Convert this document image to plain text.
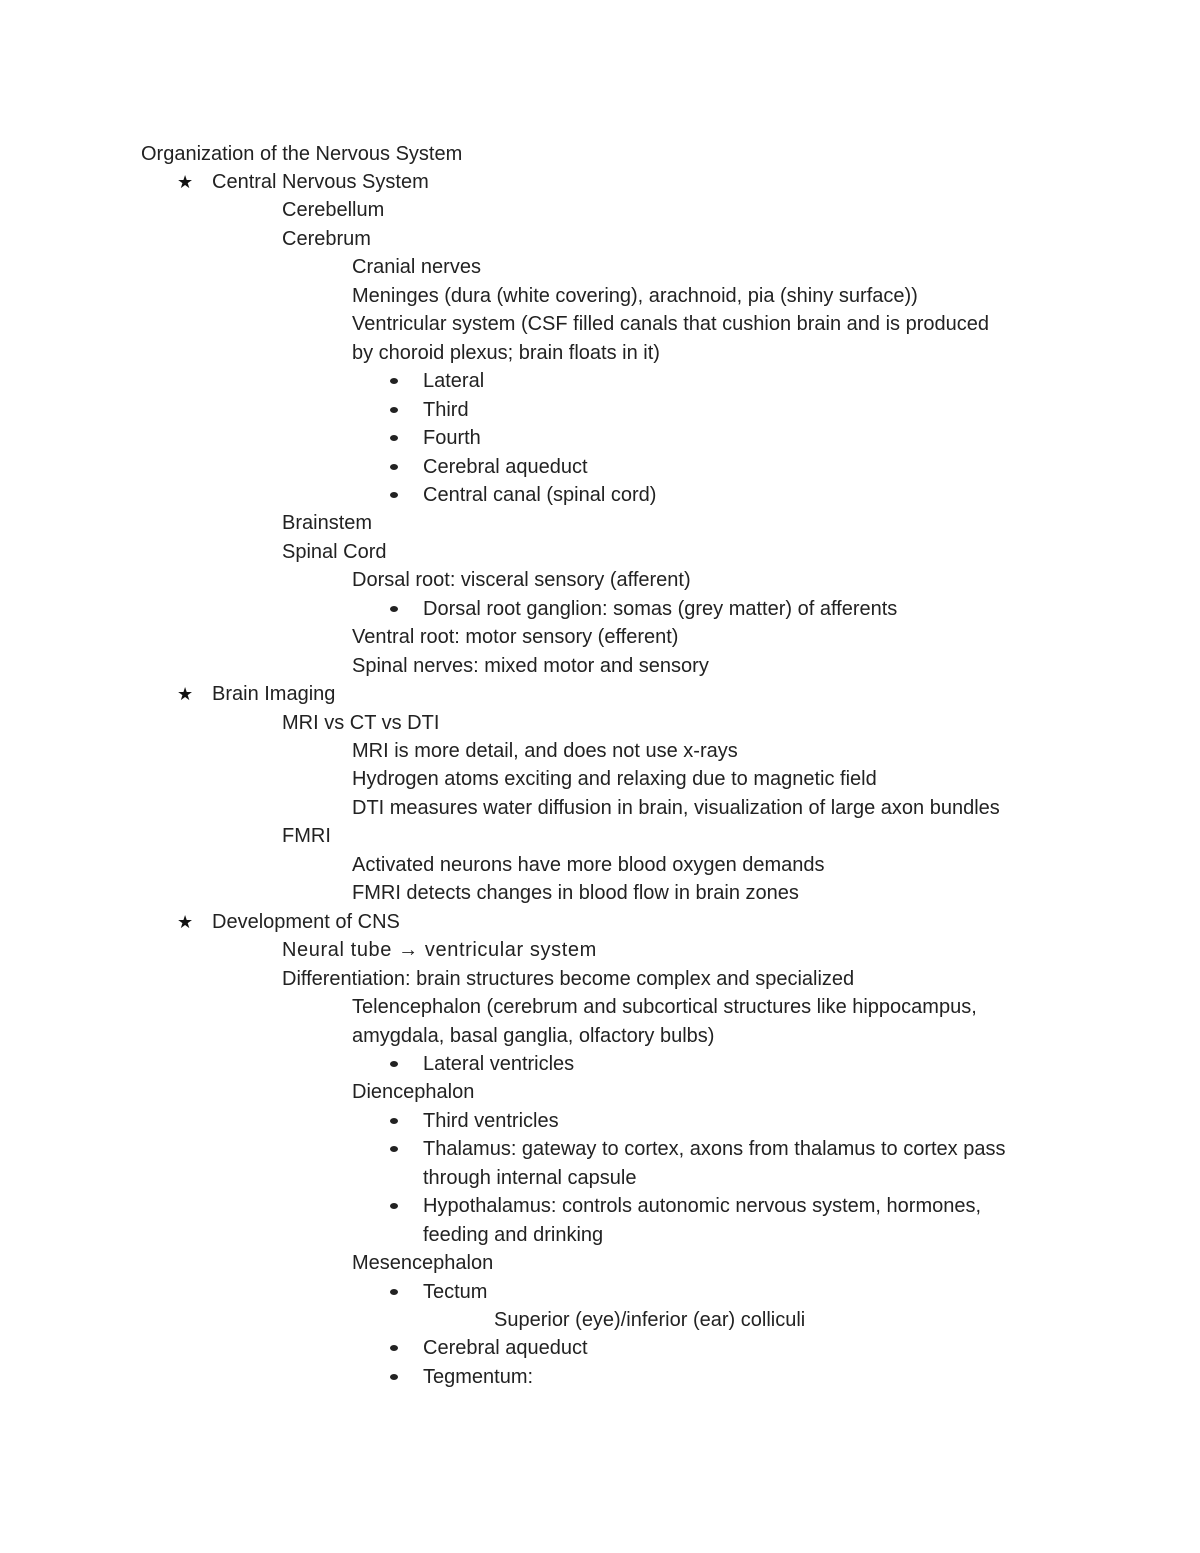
Organization of the Nervous System
★ Central Nervous System
Cerebellum
Cerebrum
Cranial nerves
Meninges (dura (white covering), arachnoid, pia (shiny surface))
Ventricular system (CSF filled canals that cushion brain and is produced
by choroid plexus; brain floats in it)
Lateral
Third
Fourth
Cerebral aqueduct
Central canal (spinal cord)
Brainstem
Spinal Cord
Dorsal root: visceral sensory (afferent)
Dorsal root ganglion: somas (grey matter) of afferents
Ventral root: motor sensory (efferent)
Spinal nerves: mixed motor and sensory
★ Brain Imaging
MRI vs CT vs DTI
MRI is more detail, and does not use x-rays
Hydrogen atoms exciting and relaxing due to magnetic field
DTI measures water diffusion in brain, visualization of large axon bundles
FMRI
Activated neurons have more blood oxygen demands
FMRI detects changes in blood flow in brain zones
★ Development of CNS
Neural tube → ventricular system
Differentiation: brain structures become complex and specialized
Telencephalon (cerebrum and subcortical structures like hippocampus,
amygdala, basal ganglia, olfactory bulbs)
Lateral ventricles
Diencephalon
Third ventricles
Thalamus: gateway to cortex, axons from thalamus to cortex pass
through internal capsule
Hypothalamus: controls autonomic nervous system, hormones,
feeding and drinking
Mesencephalon
Tectum
Superior (eye)/inferior (ear) colliculi
Cerebral aqueduct
Tegmentum:
